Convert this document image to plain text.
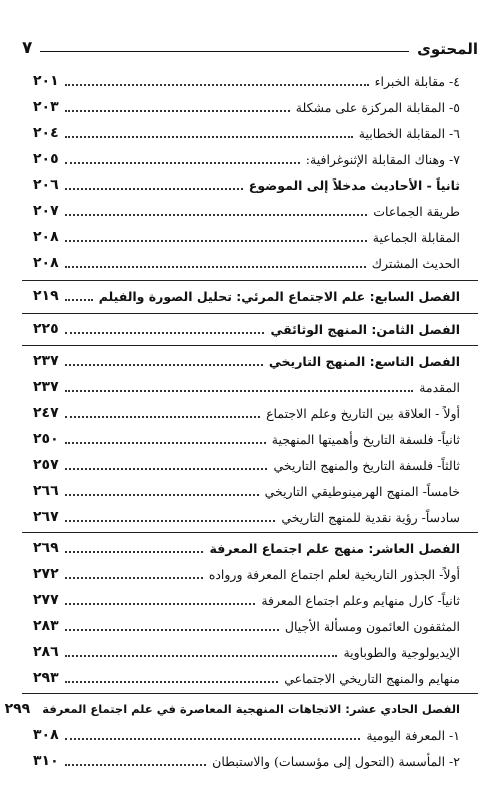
المحتوى
٧
٤- مقابلة الخبراء
٢٠١
٥- المقابلة المركزة على مشكلة
٢٠٣
٦- المقابلة الخطابية
٢٠٤
٧- وهناك المقابلة الإثنوغرافية:
٢٠٥
ثانياً - الأحاديث مدخلاً إلى الموضوع
٢٠٦
طريقة الجماعات
٢٠٧
المقابلة الجماعية
٢٠٨
الحديث المشترك
٢٠٨
الفصل السابع: علم الاجتماع المرئي: تحليل الصورة والفيلم
٢١٩
الفصل الثامن: المنهج الوثائقي
٢٢٥
الفصل التاسع: المنهج التاريخي
٢٣٧
المقدمة
٢٣٧
أولاً - العلاقة بين التاريخ وعلم الاجتماع
٢٤٧
ثانياً- فلسفة التاريخ وأهميتها المنهجية
٢٥٠
ثالثاً- فلسفة التاريخ والمنهج التاريخي
٢٥٧
خامساً- المنهج الهرمينوطيقي التاريخي
٢٦٦
سادساً- رؤية نقدية للمنهج التاريخي
٢٦٧
الفصل العاشر: منهج علم اجتماع المعرفة
٢٦٩
أولاً- الجذور التاريخية لعلم اجتماع المعرفة ورواده
٢٧٢
ثانياً- كارل منهايم وعلم اجتماع المعرفة
٢٧٧
المثقفون العائمون ومسألة الأجيال
٢٨٣
الإيديولوجية والطوباوية
٢٨٦
منهايم والمنهج التاريخي الاجتماعي
٢٩٣
الفصل الحادي عشر: الاتجاهات المنهجية المعاصرة في علم اجتماع المعرفة
٢٩٩
١- المعرفة اليومية
٣٠٨
٢- المأسسة (التحول إلى مؤسسات) والاستبطان
٣١٠
